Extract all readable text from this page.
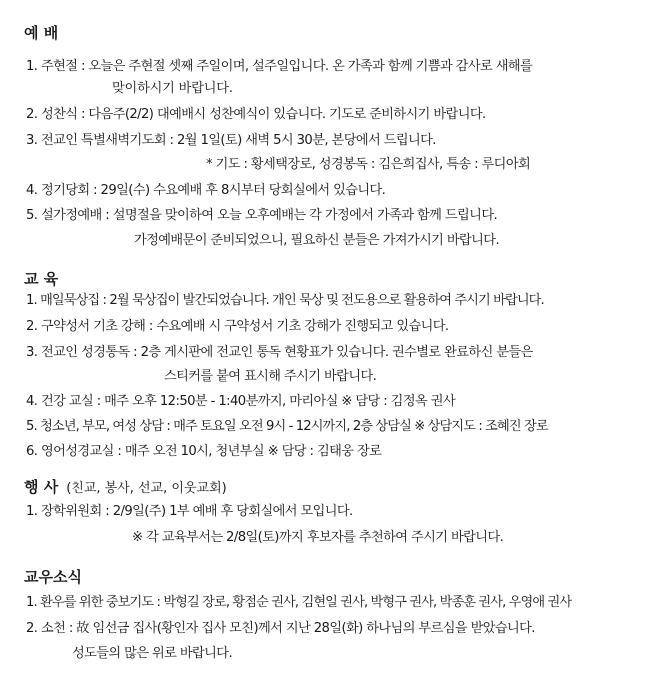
예 배
1. 주현절 : 오늘은 주현절 셋째 주일이며, 설주일입니다. 온 가족과 함께 기쁨과 감사로 새해를
맞이하시기 바랍니다.
2. 성찬식 : 다음주(2/2) 대예배시 성찬예식이 있습니다. 기도로 준비하시기 바랍니다.
3. 전교인 특별새벽기도회 : 2월 1일(토) 새벽 5시 30분, 본당에서 드립니다.
* 기도 : 황세택장로, 성경봉독 : 김은희집사, 특송 : 루디아회
4. 정기당회 : 29일(수) 수요예배 후 8시부터 당회실에서 있습니다.
5. 설가정예배 : 설명절을 맞이하여 오늘 오후예배는 각 가정에서 가족과 함께 드립니다.
가정예배문이 준비되었으니, 필요하신 분들은 가져가시기 바랍니다.
교 육
1. 매일묵상집 : 2월 묵상집이 발간되었습니다. 개인 묵상 및 전도용으로 활용하여 주시기 바랍니다.
2. 구약성서 기초 강해 : 수요예배 시 구약성서 기초 강해가 진행되고 있습니다.
3. 전교인 성경통독 : 2층 게시판에 전교인 통독 현황표가 있습니다. 권수별로 완료하신 분들은
스티커를 붙여 표시해 주시기 바랍니다.
4. 건강 교실 : 매주 오후 12:50분 - 1:40분까지, 마리아실 ※ 담당 : 김정옥 권사
5. 청소년, 부모, 여성 상담 : 매주 토요일 오전 9시 - 12시까지, 2층 상담실 ※ 상담지도 : 조혜진 장로
6. 영어성경교실 : 매주 오전 10시, 청년부실 ※ 담당 : 김태웅 장로
행 사 (친교, 봉사, 선교, 이웃교회)
1. 장학위원회 : 2/9일(주) 1부 예배 후 당회실에서 모입니다.
※ 각 교육부서는 2/8일(토)까지 후보자를 추천하여 주시기 바랍니다.
교우소식
1. 환우를 위한 중보기도 : 박형길 장로, 황점순 권사, 김현일 권사, 박형구 권사, 박종훈 권사, 우영애 권사
2. 소천 : 故 임선금 집사(황인자 집사 모친)께서 지난 28일(화) 하나님의 부르심을 받았습니다.
성도들의 많은 위로 바랍니다.
